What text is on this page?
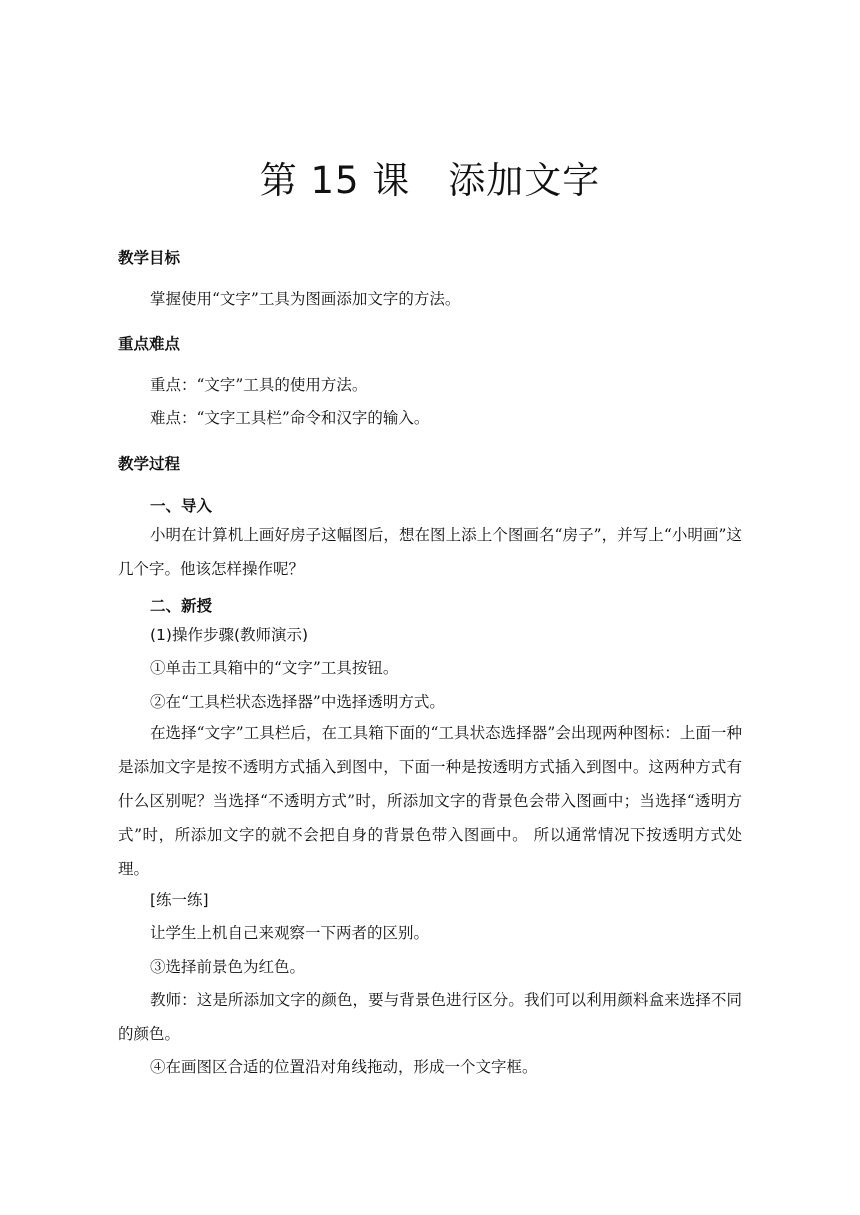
第 15 课　添加文字
教学目标
掌握使用“文字”工具为图画添加文字的方法。
重点难点
重点：“文字”工具的使用方法。
难点：“文字工具栏”命令和汉字的输入。
教学过程
一、导入
小明在计算机上画好房子这幅图后，想在图上添上个图画名“房子”，并写上“小明画”这几个字。他该怎样操作呢？
二、新授
(1)操作步骤(教师演示)
①单击工具箱中的“文字”工具按钮。
②在“工具栏状态选择器”中选择透明方式。
在选择“文字”工具栏后，在工具箱下面的“工具状态选择器”会出现两种图标：上面一种是添加文字是按不透明方式插入到图中，下面一种是按透明方式插入到图中。这两种方式有什么区别呢？当选择“不透明方式”时，所添加文字的背景色会带入图画中；当选择“透明方式”时，所添加文字的就不会把自身的背景色带入图画中。 所以通常情况下按透明方式处理。
[练一练]
让学生上机自己来观察一下两者的区别。
③选择前景色为红色。
教师：这是所添加文字的颜色，要与背景色进行区分。我们可以利用颜料盒来选择不同的颜色。
④在画图区合适的位置沿对角线拖动，形成一个文字框。
